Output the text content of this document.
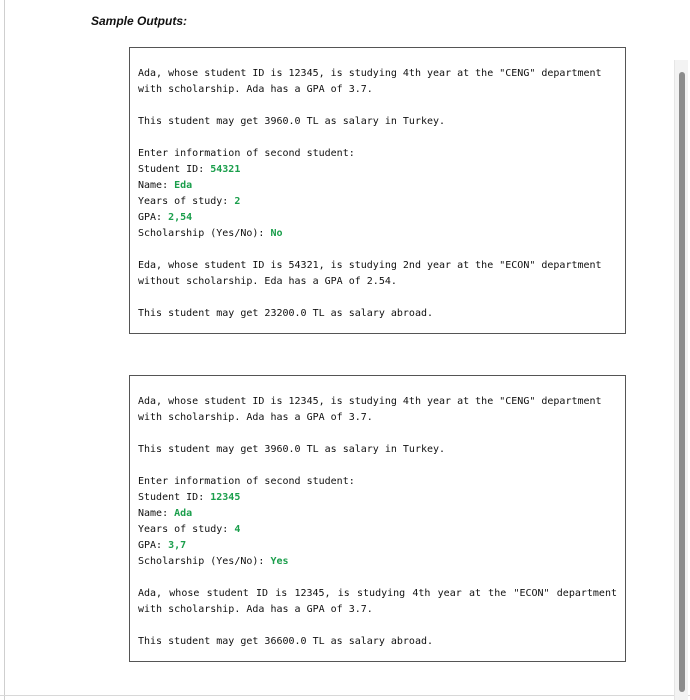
Sample Outputs:
Ada, whose student ID is 12345, is studying 4th year at the "CENG" department with scholarship. Ada has a GPA of 3.7.
This student may get 3960.0 TL as salary in Turkey.
Enter information of second student:
Student ID: 54321
Name: Eda
Years of study: 2
GPA: 2,54
Scholarship (Yes/No): No
Eda, whose student ID is 54321, is studying 2nd year at the "ECON" department without scholarship. Eda has a GPA of 2.54.
This student may get 23200.0 TL as salary abroad.
Ada, whose student ID is 12345, is studying 4th year at the "CENG" department with scholarship. Ada has a GPA of 3.7.
This student may get 3960.0 TL as salary in Turkey.
Enter information of second student:
Student ID: 12345
Name: Ada
Years of study: 4
GPA: 3,7
Scholarship (Yes/No): Yes
Ada, whose student ID is 12345, is studying 4th year at the "ECON" department with scholarship. Ada has a GPA of 3.7.
This student may get 36600.0 TL as salary abroad.
